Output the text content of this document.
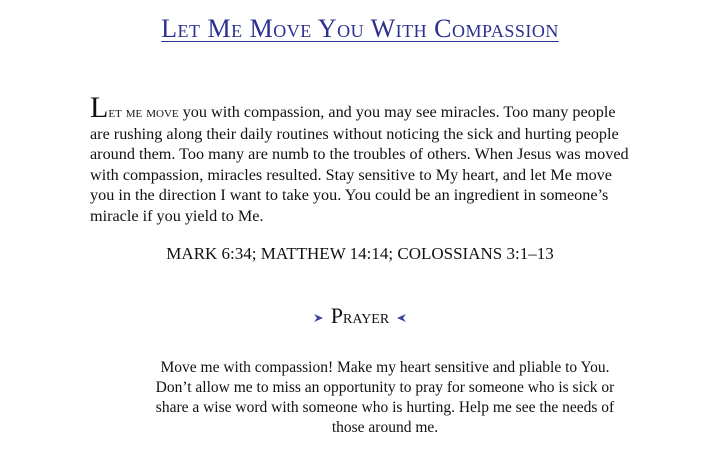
Let Me Move You With Compassion

Let me move you with compassion, and you may see miracles. Too many people are rushing along their daily routines without noticing the sick and hurting people around them. Too many are numb to the troubles of others. When Jesus was moved with compassion, miracles resulted. Stay sensitive to My heart, and let Me move you in the direction I want to take you. You could be an ingredient in someone’s miracle if you yield to Me.

MARK 6:34; MATTHEW 14:14; COLOSSIANS 3:1–13

Prayer

Move me with compassion! Make my heart sensitive and pliable to You. Don’t allow me to miss an opportunity to pray for someone who is sick or share a wise word with someone who is hurting. Help me see the needs of those around me.
